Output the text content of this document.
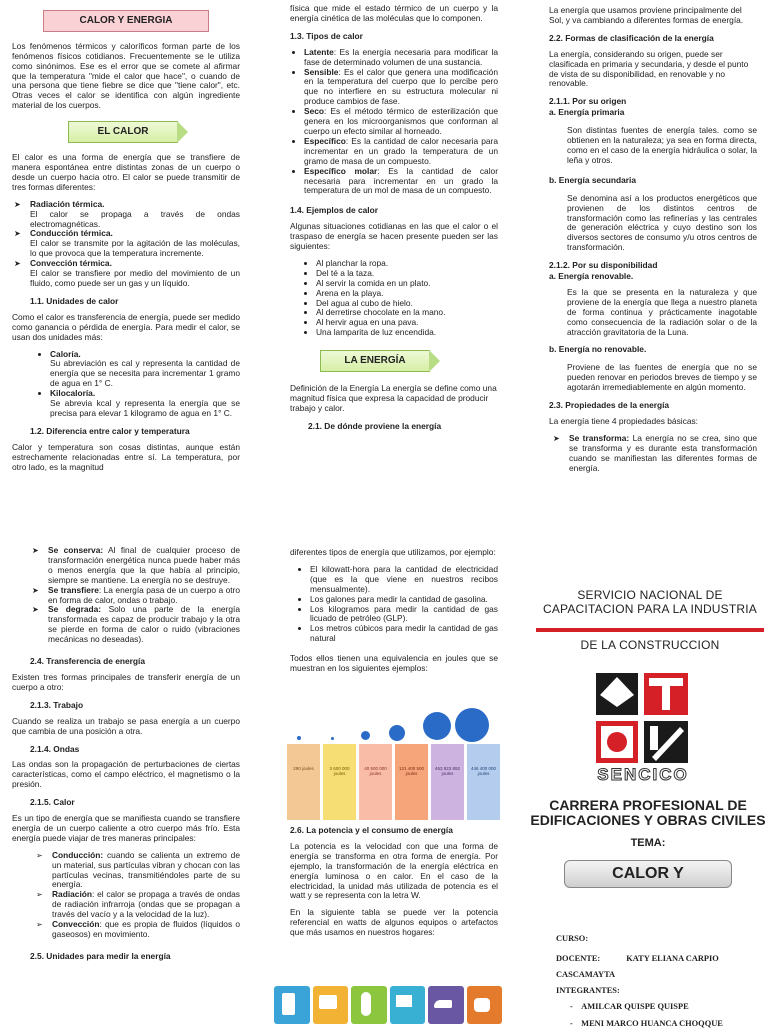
CALOR Y ENERGIA

Los fenómenos térmicos y caloríficos forman parte de los fenómenos físicos cotidianos. Frecuentemente se le utiliza como sinónimos. Ese es el error que se comete al afirmar que la temperatura "mide el calor que hace", o cuando de una persona que tiene fiebre se dice que "tiene calor", etc. Otras veces el calor se identifica con algún ingrediente material de los cuerpos.

EL CALOR

El calor es una forma de energía que se transfiere de manera espontánea entre distintas zonas de un cuerpo o desde un cuerpo hacia otro. El calor se puede transmitir de tres formas diferentes:

➤ Radiación térmica.
El calor se propaga a través de ondas electromagnéticas.
➤ Conducción térmica.
El calor se transmite por la agitación de las moléculas, lo que provoca que la temperatura incremente.
➤ Convección térmica.
El calor se transfiere por medio del movimiento de un fluido, como puede ser un gas y un líquido.
1.1. Unidades de calor

Como el calor es transferencia de energía, puede ser medido como ganancia o pérdida de energía. Para medir el calor, se usan dos unidades más:

• Caloría.
Su abreviación es cal y representa la cantidad de energía que se necesita para incrementar 1 gramo de agua en 1° C.
• Kilocaloría.
Se abrevia kcal y representa la energía que se precisa para elevar 1 kilogramo de agua en 1° C.
1.2. Diferencia entre calor y temperatura

Calor y temperatura son cosas distintas, aunque están estrechamente relacionadas entre sí. La temperatura, por otro lado, es la magnitud

➤ Se conserva: Al final de cualquier proceso de transformación energética nunca puede haber más o menos energía que la que había al principio, siempre se mantiene. La energía no se destruye.
➤ Se transfiere: La energía pasa de un cuerpo a otro en forma de calor, ondas o trabajo.
➤ Se degrada: Solo una parte de la energía transformada es capaz de producir trabajo y la otra se pierde en forma de calor o ruido (vibraciones mecánicas no deseadas).
2.4. Transferencia de energía

Existen tres formas principales de transferir energía de un cuerpo a otro:

2.1.3. Trabajo

Cuando se realiza un trabajo se pasa energía a un cuerpo que cambia de una posición a otra.

2.1.4. Ondas

Las ondas son la propagación de perturbaciones de ciertas características, como el campo eléctrico, el magnetismo o la presión.

2.1.5. Calor

Es un tipo de energía que se manifiesta cuando se transfiere energía de un cuerpo caliente a otro cuerpo más frío. Esta energía puede viajar de tres maneras principales:

➢ Conducción: cuando se calienta un extremo de un material, sus partículas vibran y chocan con las partículas vecinas, transmitiéndoles parte de su energía.
➢ Radiación: el calor se propaga a través de ondas de radiación infrarroja (ondas que se propagan a través del vacío y a la velocidad de la luz).
➢ Convección: que es propia de fluidos (líquidos o gaseosos) en movimiento.
2.5. Unidades para medir la energía

física que mide el estado térmico de un cuerpo y la energía cinética de las moléculas que lo componen.

1.3. Tipos de calor
• Latente: Es la energía necesaria para modificar la fase de determinado volumen de una sustancia.
• Sensible: Es el calor que genera una modificación en la temperatura del cuerpo que lo percibe pero que no interfiere en su estructura molecular ni produce cambios de fase.
• Seco: Es el método térmico de esterilización que genera en los microorganismos que conforman al cuerpo un efecto similar al horneado.
• Específico: Es la cantidad de calor necesaria para incrementar en un grado la temperatura de un gramo de masa de un compuesto.
• Específico molar: Es la cantidad de calor necesaria para incrementar en un grado la temperatura de un mol de masa de un compuesto.
1.4. Ejemplos de calor

Algunas situaciones cotidianas en las que el calor o el traspaso de energía se hacen presente pueden ser las siguientes:

• Al planchar la ropa.
• Del té a la taza.
• Al servir la comida en un plato.
• Arena en la playa.
• Del agua al cubo de hielo.
• Al derretirse chocolate en la mano.
• Al hervir agua en una pava.
• Una lamparita de luz encendida.
LA ENERGÍA

Definición de la Energía La energía se define como una magnitud física que expresa la capacidad de producir trabajo y calor.

2.1. De dónde proviene la energía

diferentes tipos de energía que utilizamos, por ejemplo:

• El kilowatt-hora para la cantidad de electricidad (que es la que viene en nuestros recibos mensualmente).
• Los galones para medir la cantidad de gasolina.
• Los kilogramos para medir la cantidad de gas licuado de petróleo (GLP).
• Los metros cúbicos para medir la cantidad de gas natural

Todos ellos tienen una equivalencia en joules que se muestran en los siguientes ejemplos:

290 joules	3 600 000 joules
40 500 000 joules
121 400 500 joules
463 823 892 joules
446 400 000 joules
2.6. La potencia y el consumo de energía

La potencia es la velocidad con que una forma de energía se transforma en otra forma de energía. Por ejemplo, la transformación de la energía eléctrica en energía luminosa o en calor. En el caso de la electricidad, la unidad más utilizada de potencia es el watt y se representa con la letra W.

En la siguiente tabla se puede ver la potencia referencial en watts de algunos equipos o artefactos que más usamos en nuestros hogares:

La energía que usamos proviene principalmente del Sol, y va cambiando a diferentes formas de energía.

2.2. Formas de clasificación de la energía

La energía, considerando su origen, puede ser clasificada en primaria y secundaria, y desde el punto de vista de su disponibilidad, en renovable y no renovable.

2.1.1. Por su origen
a. Energía primaria

Son distintas fuentes de energía tales. como se obtienen en la naturaleza; ya sea en forma directa, como en el caso de la energía hidráulica o solar, la leña y otros.

b. Energía secundaria

Se denomina así a los productos energéticos que provienen de los distintos centros de transformación como las refinerías y las centrales de generación eléctrica y cuyo destino son los diversos sectores de consumo y/u otros centros de transformación.

2.1.2. Por su disponibilidad
a. Energía renovable.

Es la que se presenta en la naturaleza y que proviene de la energía que llega a nuestro planeta de forma continua y prácticamente inagotable como consecuencia de la radiación solar o de la atracción gravitatoria de la Luna.

b. Energía no renovable.

Proviene de las fuentes de energía que no se pueden renovar en periodos breves de tiempo y se agotarán irremediablemente en algún momento.

2.3. Propiedades de la energía

La energía tiene 4 propiedades básicas:

➤ Se transforma: La energía no se crea, sino que se transforma y es durante esta transformación cuando se manifiestan las diferentes formas de energía.
SERVICIO NACIONAL DE
CAPACITACION PARA LA INDUSTRIA
DE LA CONSTRUCCION
SENCICO
CARRERA PROFESIONAL DE EDIFICACIONES Y OBRAS CIVILES
TEMA:
CALOR Y
CURSO:
DOCENTE:	KATY ELIANA CARPIO CASCAMAYTA
INTEGRANTES:
-    AMILCAR QUISPE QUISPE
-    MENI MARCO HUANCA CHOQQUE
